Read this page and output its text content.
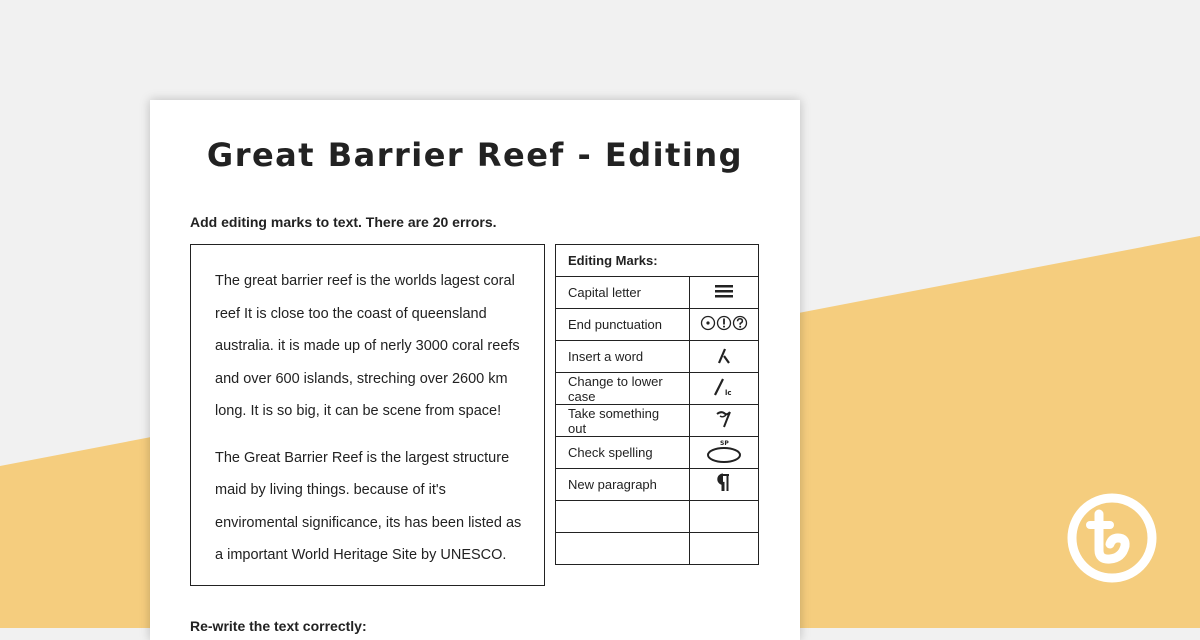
Great Barrier Reef - Editing
Add editing marks to text. There are 20 errors.

The great barrier reef is the worlds lagest coral reef It is close too the coast of queensland australia. it is made up of nerly 3000 coral reefs and over 600 islands, streching over 2600 km long. It is so big, it can be scene from space!

The Great Barrier Reef is the largest structure maid by living things. because of it's enviromental significance, its has been listed as a important World Heritage Site by UNESCO.

Editing Marks:	
Capital letter	
End punctuation	
Insert a word	
Change to lower case	lc

Take something out	
Check spelling	SP

New paragraph	

Re-write the text correctly:
